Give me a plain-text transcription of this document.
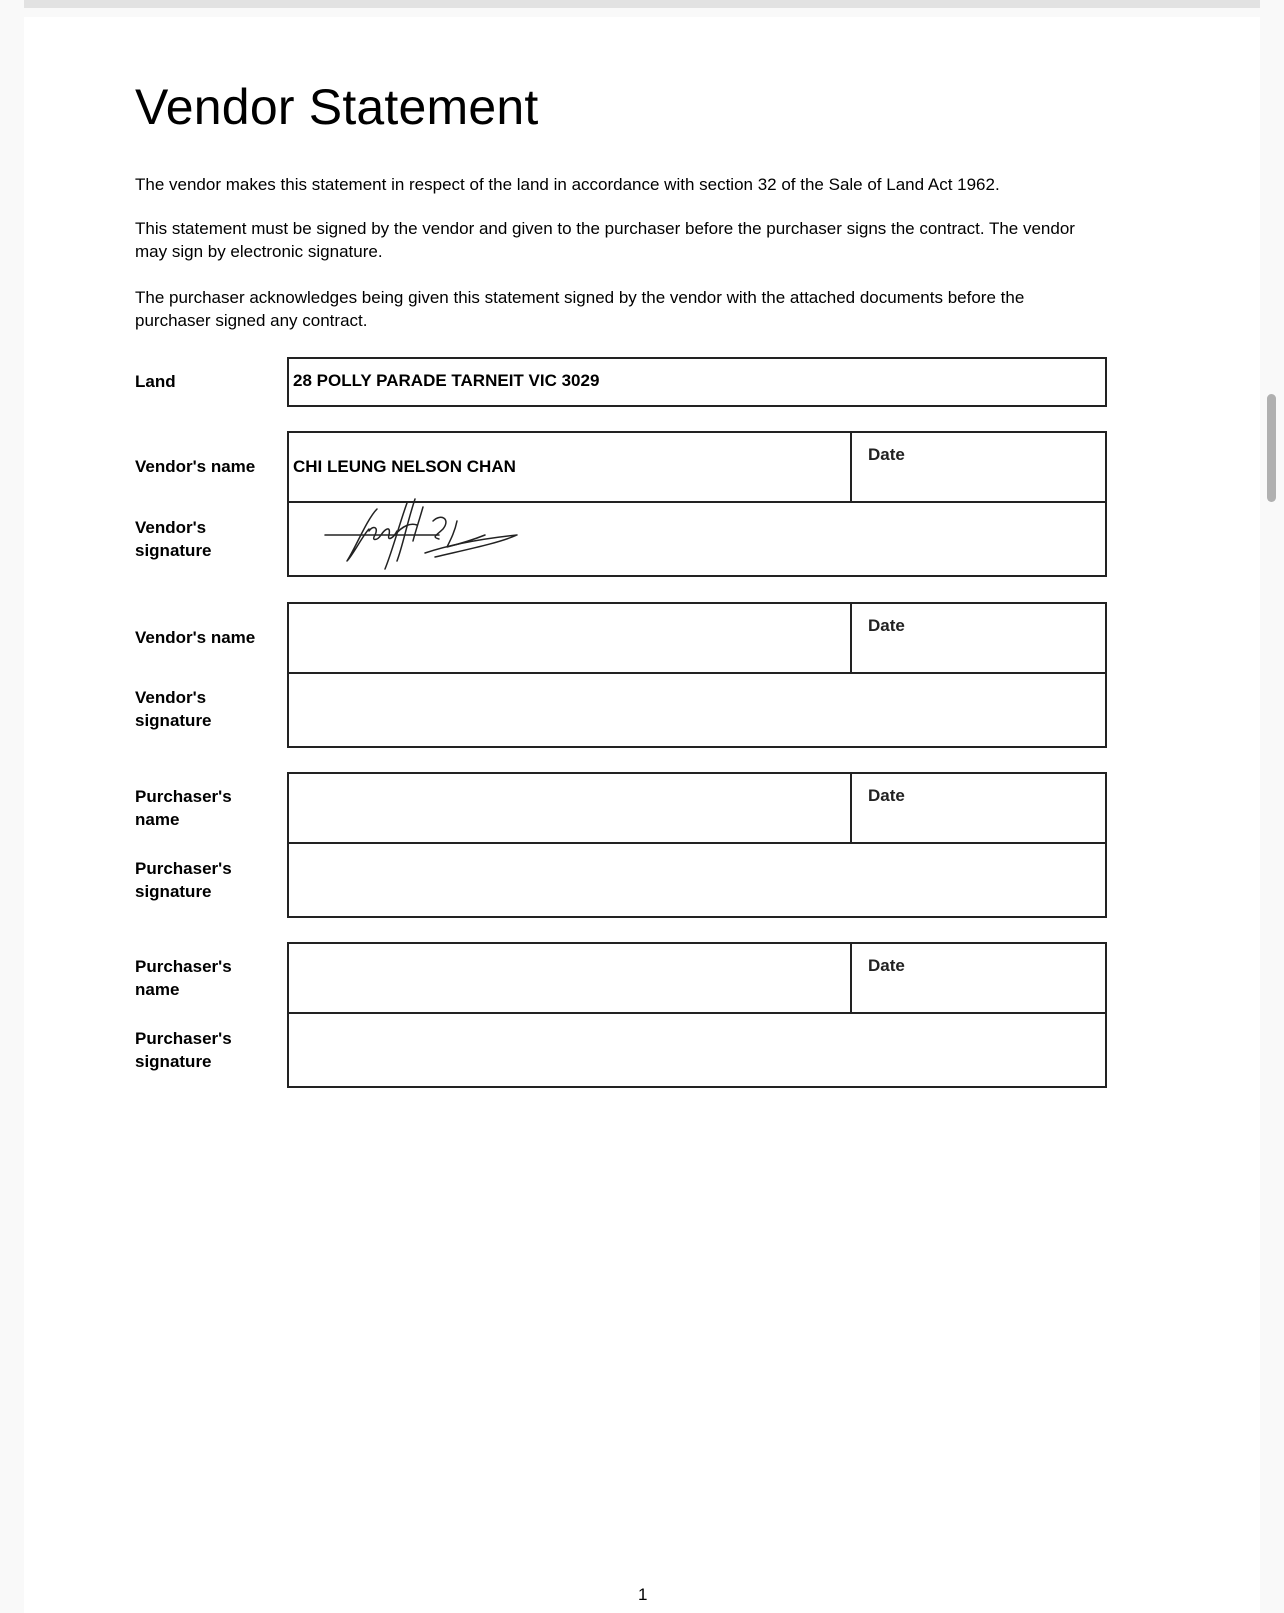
Vendor Statement

The vendor makes this statement in respect of the land in accordance with section 32 of the Sale of Land Act 1962.

This statement must be signed by the vendor and given to the purchaser before the purchaser signs the contract. The vendor may sign by electronic signature.

The purchaser acknowledges being given this statement signed by the vendor with the attached documents before the purchaser signed any contract.

Land	28 POLLY PARADE TARNEIT VIC 3029
Vendor's name
Vendor's signature
CHI LEUNG NELSON CHAN
Date
Vendor's name
Vendor's signature
Date
Purchaser's name
Purchaser's signature
Date
Purchaser's name
Purchaser's signature
Date
1
